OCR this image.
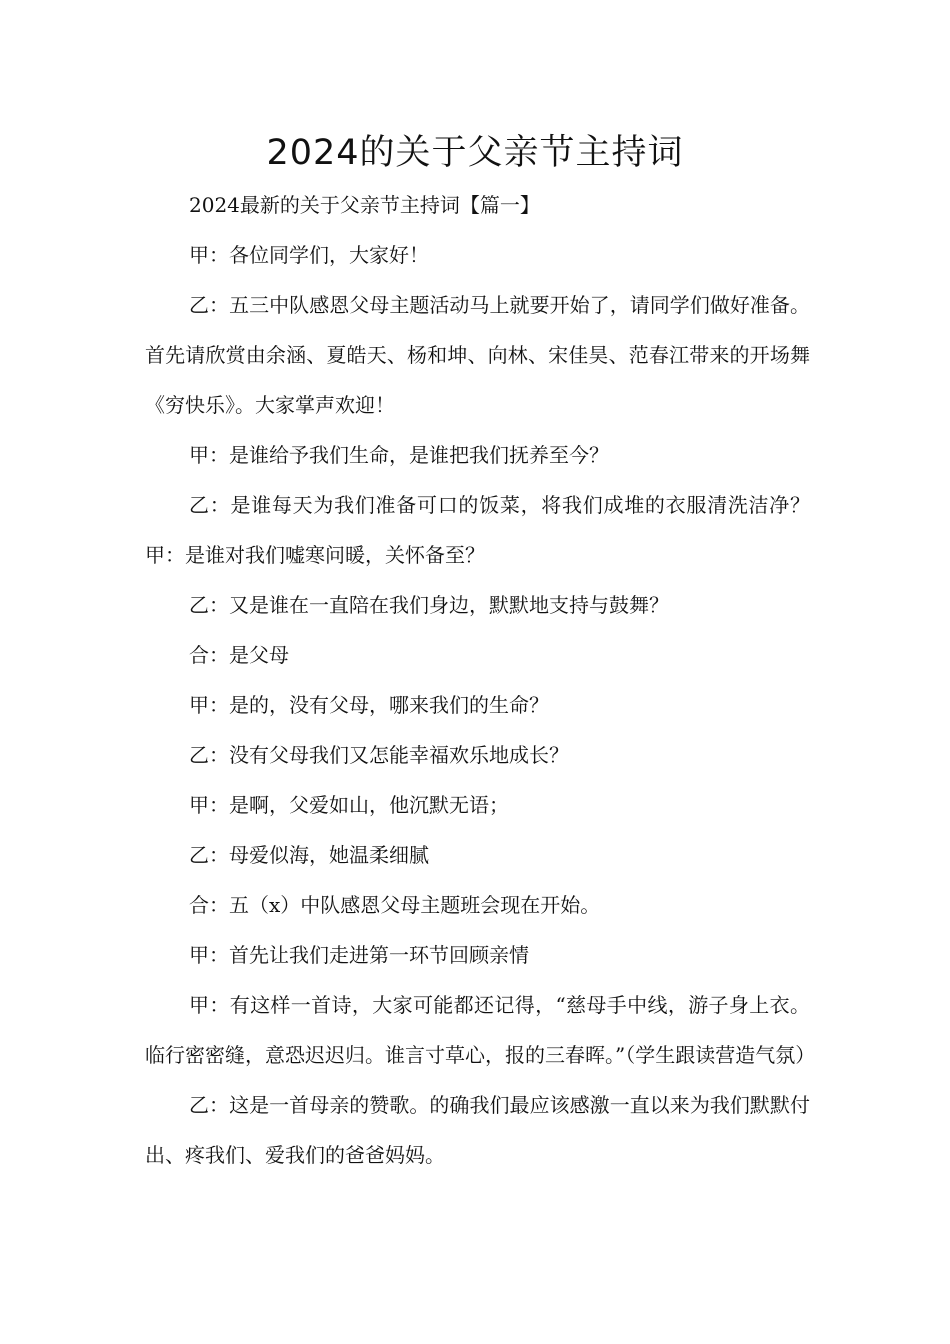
2024的关于父亲节主持词

2024最新的关于父亲节主持词【篇一】

甲：各位同学们，大家好！

乙：五三中队感恩父母主题活动马上就要开始了，请同学们做好准备。首先请欣赏由余涵、夏皓天、杨和坤、向林、宋佳昊、范春江带来的开场舞《穷快乐》。大家掌声欢迎！

甲：是谁给予我们生命，是谁把我们抚养至今？

乙：是谁每天为我们准备可口的饭菜，将我们成堆的衣服清洗洁净？甲：是谁对我们嘘寒问暖，关怀备至？

乙：又是谁在一直陪在我们身边，默默地支持与鼓舞？

合：是父母

甲：是的，没有父母，哪来我们的生命？

乙：没有父母我们又怎能幸福欢乐地成长？

甲：是啊，父爱如山，他沉默无语；

乙：母爱似海，她温柔细腻

合：五（x）中队感恩父母主题班会现在开始。

甲：首先让我们走进第一环节回顾亲情

甲：有这样一首诗，大家可能都还记得，“慈母手中线，游子身上衣。临行密密缝，意恐迟迟归。谁言寸草心，报的三春晖。”（学生跟读营造气氛）

乙：这是一首母亲的赞歌。的确我们最应该感激一直以来为我们默默付出、疼我们、爱我们的爸爸妈妈。
